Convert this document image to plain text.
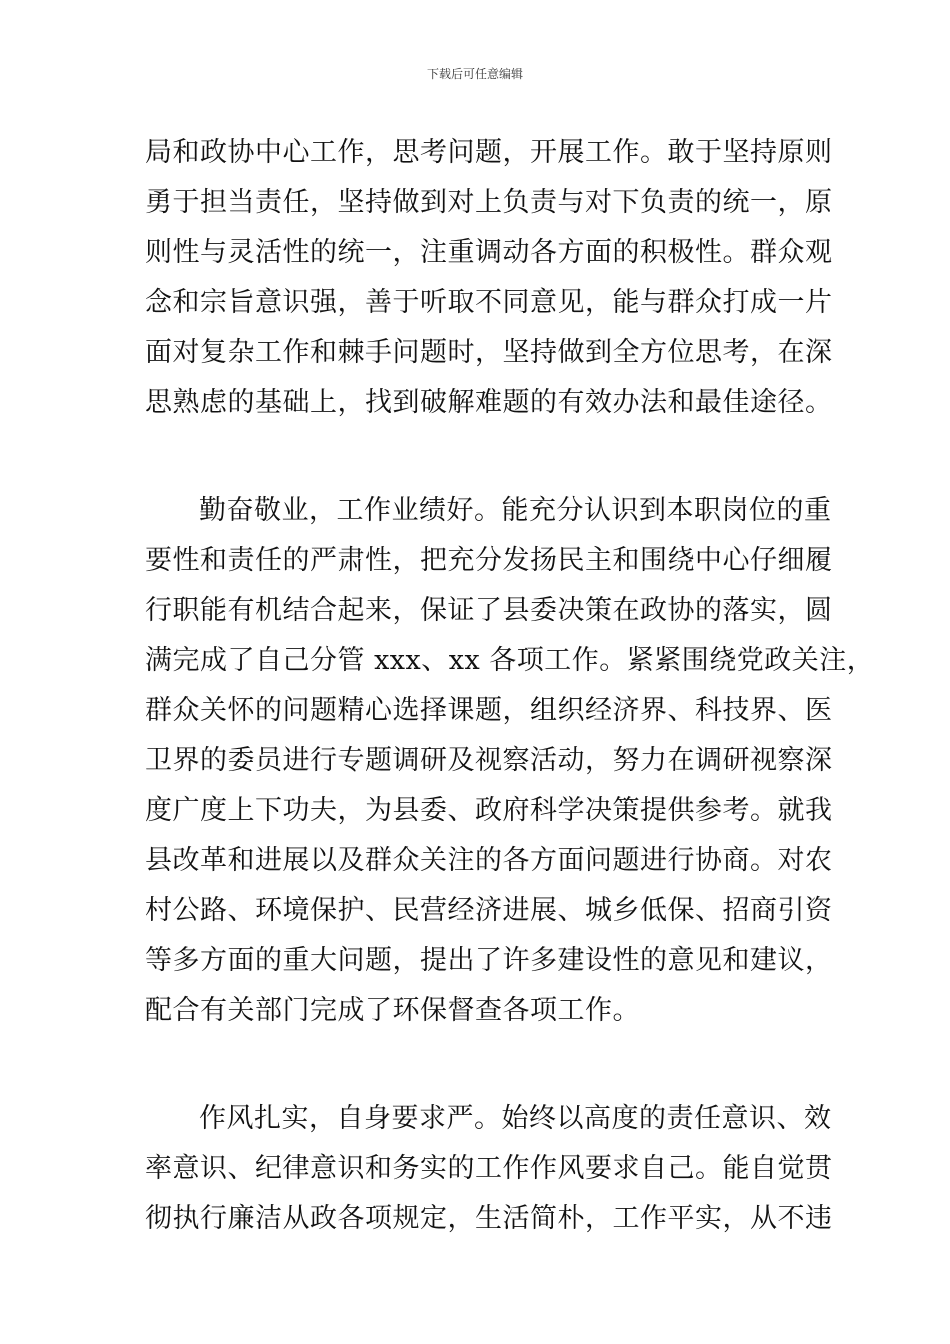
下载后可任意编辑

局和政协中心工作，思考问题，开展工作。敢于坚持原则
勇于担当责任，坚持做到对上负责与对下负责的统一，原
则性与灵活性的统一，注重调动各方面的积极性。群众观
念和宗旨意识强，善于听取不同意见，能与群众打成一片
面对复杂工作和棘手问题时，坚持做到全方位思考，在深
思熟虑的基础上，找到破解难题的有效办法和最佳途径。

勤奋敬业，工作业绩好。能充分认识到本职岗位的重
要性和责任的严肃性，把充分发扬民主和围绕中心仔细履
行职能有机结合起来，保证了县委决策在政协的落实，圆
满完成了自己分管 xxx、xx 各项工作。紧紧围绕党政关注，
群众关怀的问题精心选择课题，组织经济界、科技界、医
卫界的委员进行专题调研及视察活动，努力在调研视察深
度广度上下功夫，为县委、政府科学决策提供参考。就我
县改革和进展以及群众关注的各方面问题进行协商。对农
村公路、环境保护、民营经济进展、城乡低保、招商引资
等多方面的重大问题，提出了许多建设性的意见和建议，
配合有关部门完成了环保督查各项工作。

作风扎实，自身要求严。始终以高度的责任意识、效
率意识、纪律意识和务实的工作作风要求自己。能自觉贯
彻执行廉洁从政各项规定，生活简朴，工作平实，从不违
